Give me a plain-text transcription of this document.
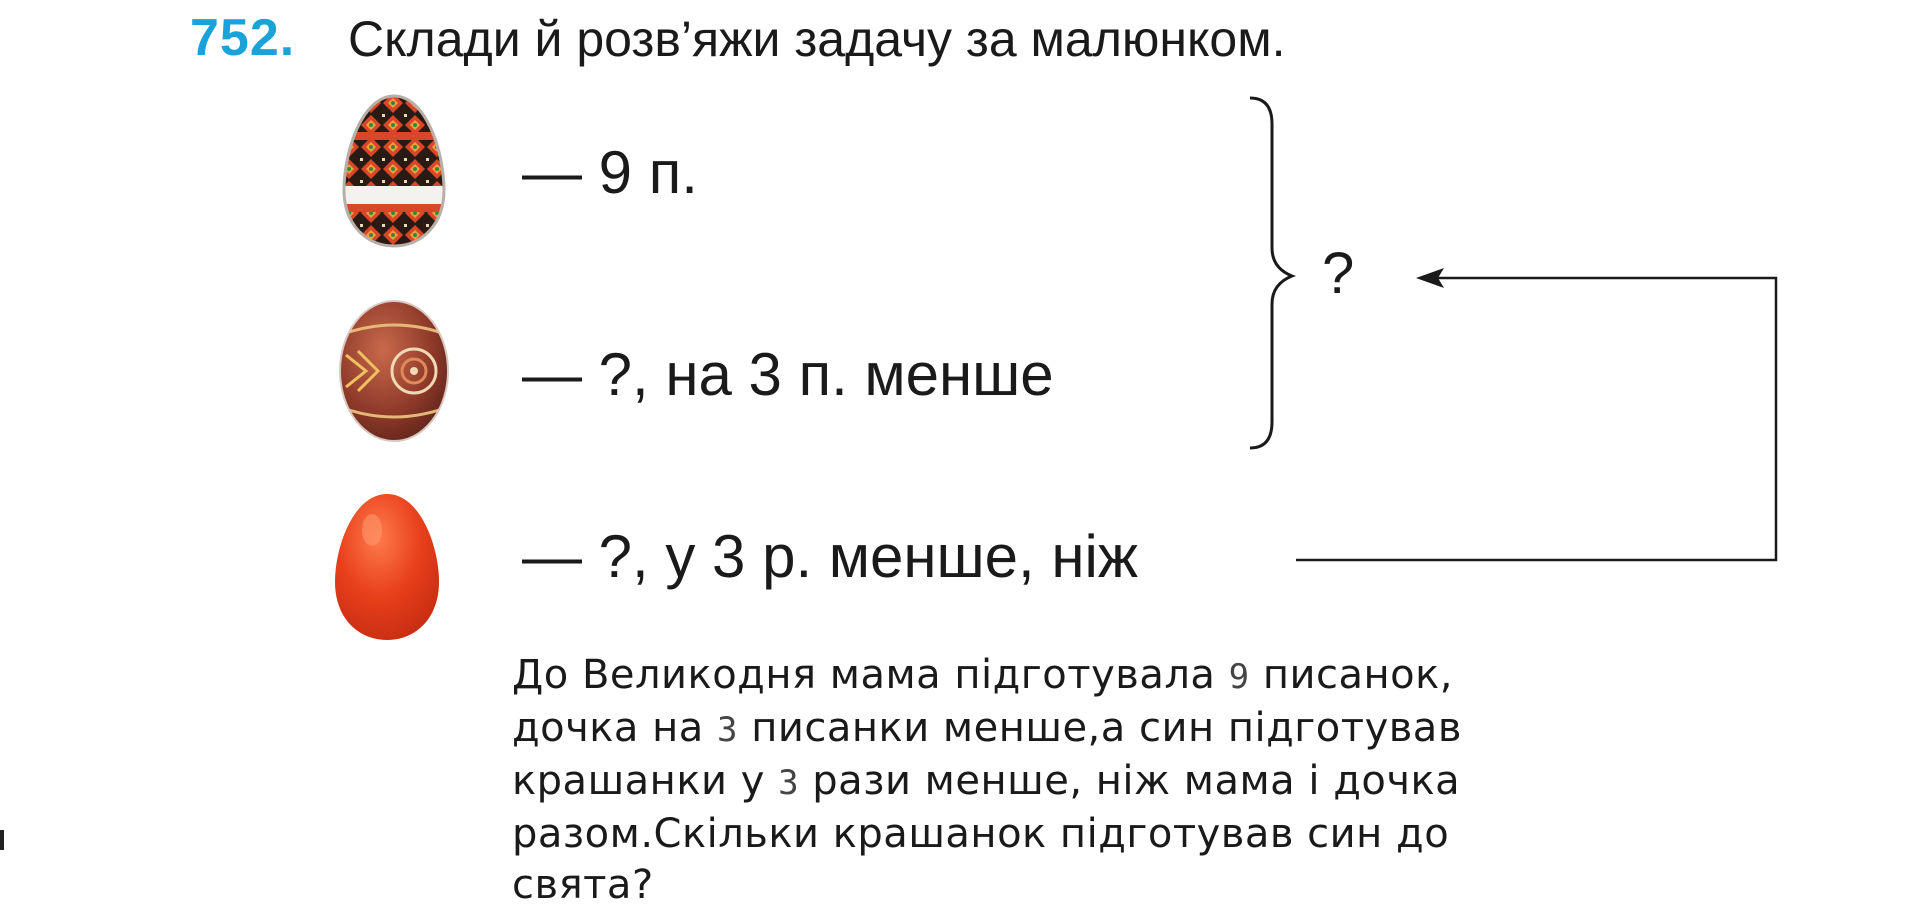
752. Склади й розв’яжи задачу за малюнком.
— 9 п.
— ?, на 3 п. менше
— ?, у 3 р. менше, ніж
?
До Великодня мама підготувала 9 писанок,
дочка на 3 писанки менше,а син підготував
крашанки у 3 рази менше, ніж мама і дочка
разом.Скільки крашанок підготував син до
свята?
